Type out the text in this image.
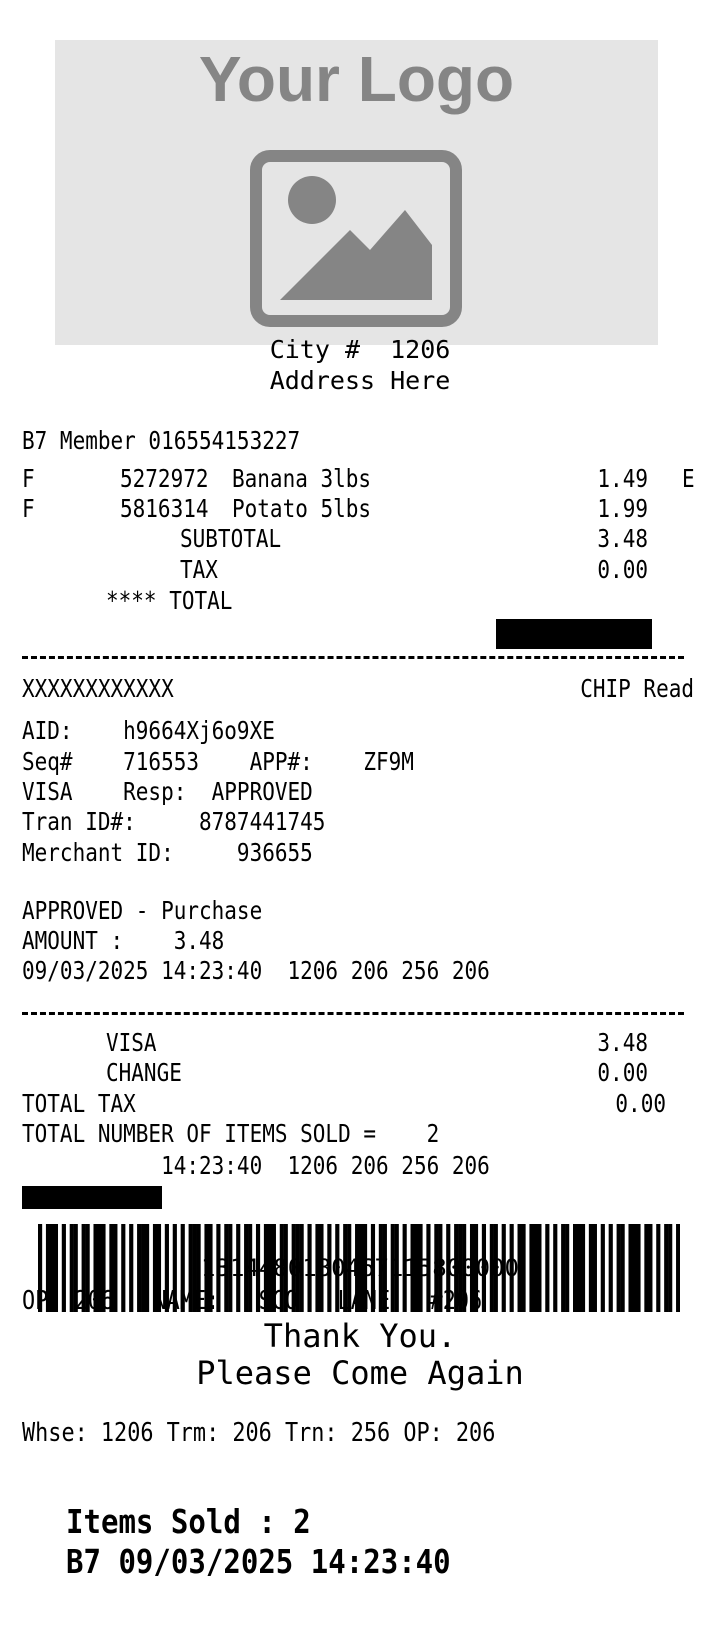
Your Logo
City #  1206
Address Here
B7 Member 016554153227
F	5272972 Banana 3lbs	1.49 E
F	5816314 Potato 5lbs	1.99
SUBTOTAL	3.48
TAX	0.00
**** TOTAL	3.48
XXXXXXXXXXXX	CHIP Read
AID:    h9664Xj6o9XE
Seq#    716553    APP#:    ZF9M
VISA    Resp:  APPROVED
Tran ID#:     8787441745
Merchant ID:     936655
APPROVED - Purchase
AMOUNT :    3.48
09/03/2025 14:23:40  1206 206 256 206
VISA	3.48
CHANGE	0.00
TOTAL TAX	0.00
TOTAL NUMBER OF ITEMS SOLD =    2
09/03/2025 14:23:40  1206 206 256 206
1314480180467115800000
OP: 206   NAME:   SCO   LANE   #206
Thank You.
Please Come Again
Whse: 1206 Trm: 206 Trn: 256 OP: 206
Items Sold : 2
B7 09/03/2025 14:23:40
